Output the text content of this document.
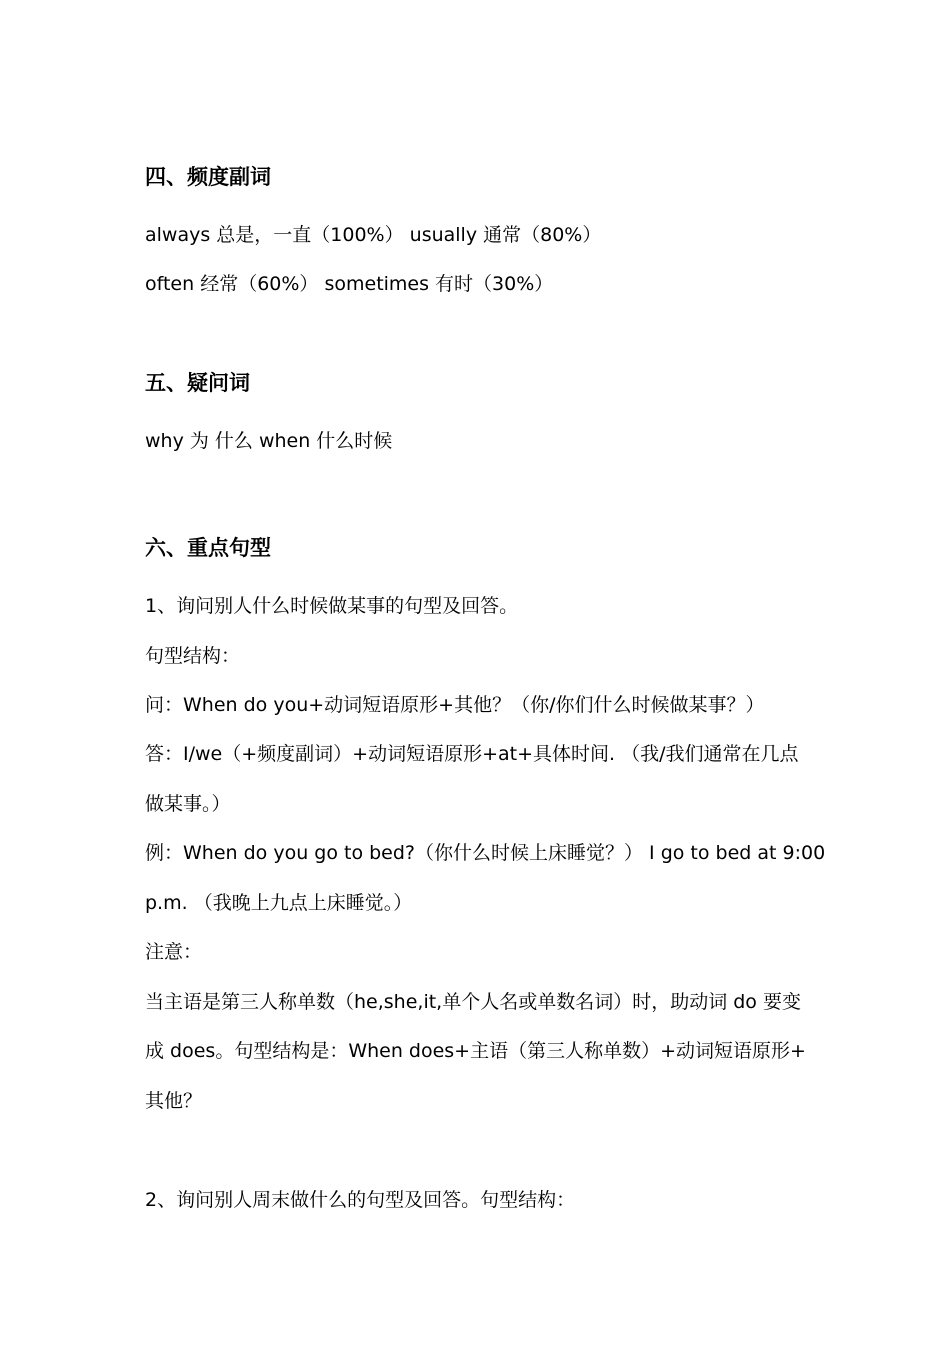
四、频度副词
always 总是，一直（100%） usually 通常（80%）
often 经常（60%） sometimes 有时（30%）
五、疑问词
why 为 什么 when 什么时候
六、重点句型
1、询问别人什么时候做某事的句型及回答。
句型结构：
问：When do you+动词短语原形+其他？（你/你们什么时候做某事？）
答：I/we（+频度副词）+动词短语原形+at+具体时间. （我/我们通常在几点
做某事。）
例：When do you go to bed?（你什么时候上床睡觉？） I go to bed at 9:00
p.m. （我晚上九点上床睡觉。）
注意：
当主语是第三人称单数（he,she,it,单个人名或单数名词）时，助动词 do 要变
成 does。句型结构是：When does+主语（第三人称单数）+动词短语原形+
其他？
2、询问别人周末做什么的句型及回答。句型结构：
